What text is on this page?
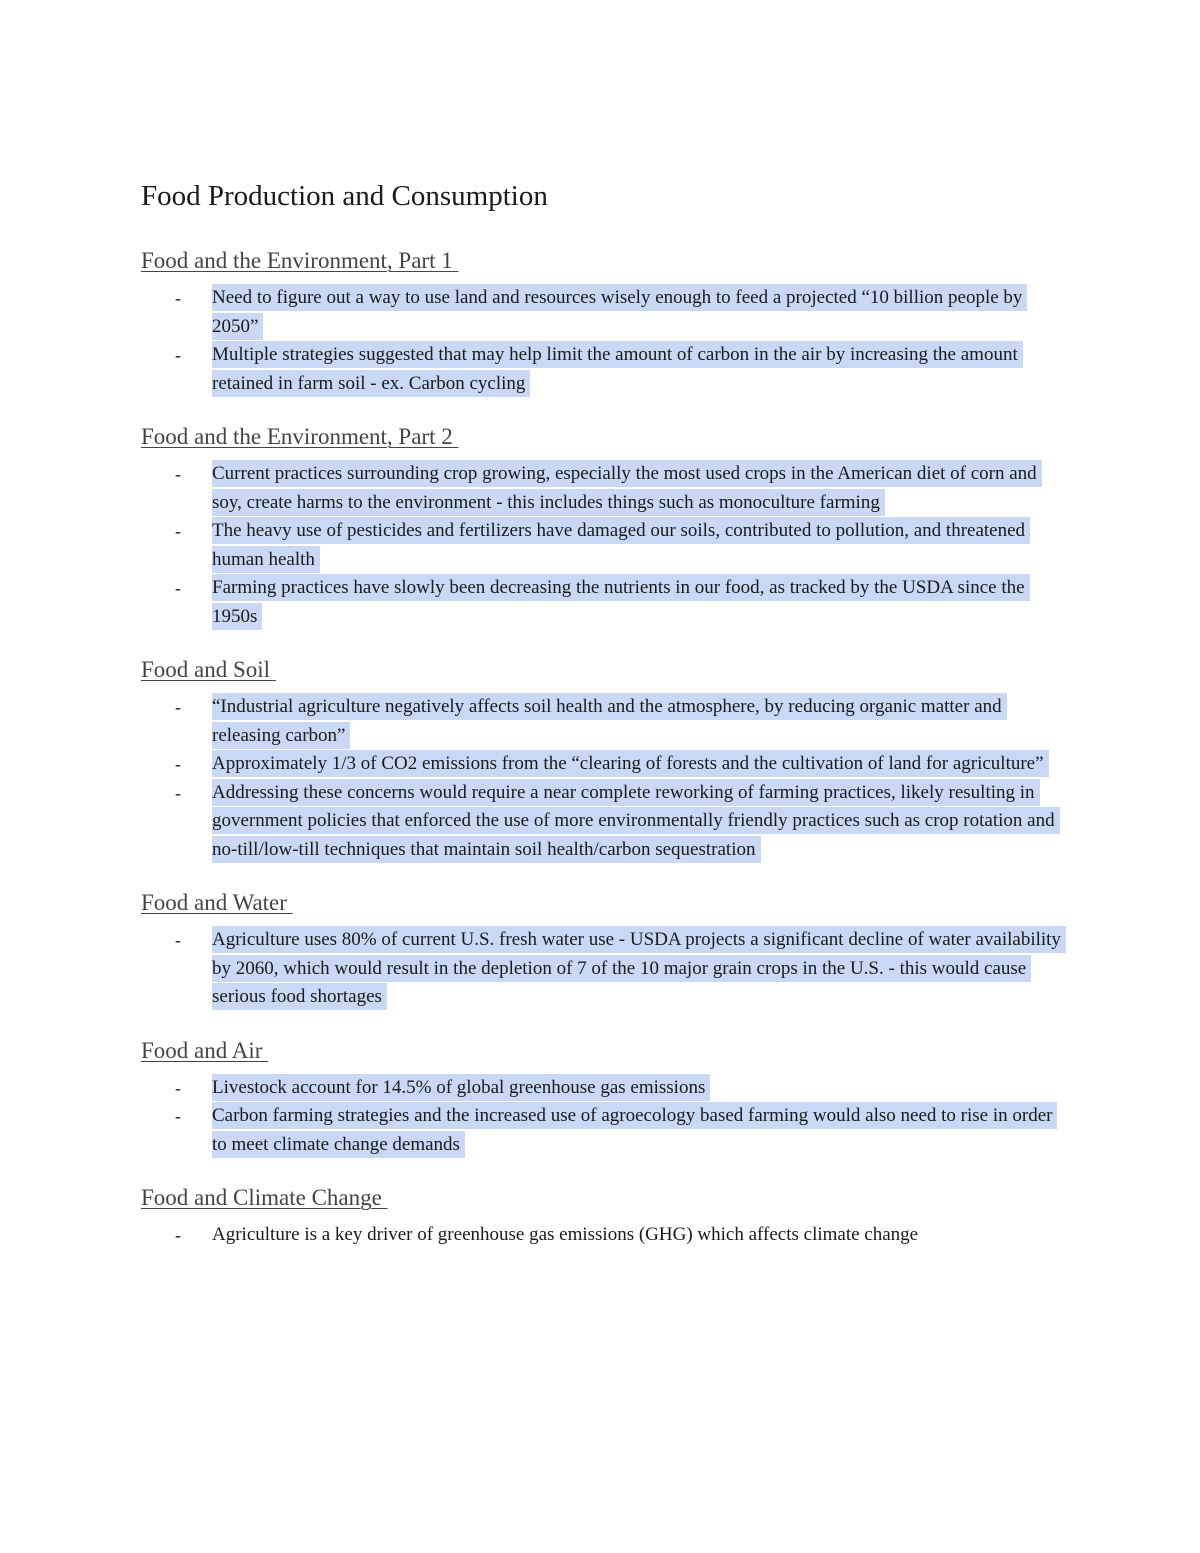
Food Production and Consumption
Food and the Environment, Part 1
- Need to figure out a way to use land and resources wisely enough to feed a projected “10 billion people by 2050”
- Multiple strategies suggested that may help limit the amount of carbon in the air by increasing the amount retained in farm soil - ex. Carbon cycling
Food and the Environment, Part 2
- Current practices surrounding crop growing, especially the most used crops in the American diet of corn and soy, create harms to the environment - this includes things such as monoculture farming
- The heavy use of pesticides and fertilizers have damaged our soils, contributed to pollution, and threatened human health
- Farming practices have slowly been decreasing the nutrients in our food, as tracked by the USDA since the 1950s
Food and Soil
- “Industrial agriculture negatively affects soil health and the atmosphere, by reducing organic matter and releasing carbon”
- Approximately 1/3 of CO2 emissions from the “clearing of forests and the cultivation of land for agriculture”
- Addressing these concerns would require a near complete reworking of farming practices, likely resulting in government policies that enforced the use of more environmentally friendly practices such as crop rotation and no-till/low-till techniques that maintain soil health/carbon sequestration
Food and Water
- Agriculture uses 80% of current U.S. fresh water use - USDA projects a significant decline of water availability by 2060, which would result in the depletion of 7 of the 10 major grain crops in the U.S. - this would cause serious food shortages
Food and Air
- Livestock account for 14.5% of global greenhouse gas emissions
- Carbon farming strategies and the increased use of agroecology based farming would also need to rise in order to meet climate change demands
Food and Climate Change
- Agriculture is a key driver of greenhouse gas emissions (GHG) which affects climate change
